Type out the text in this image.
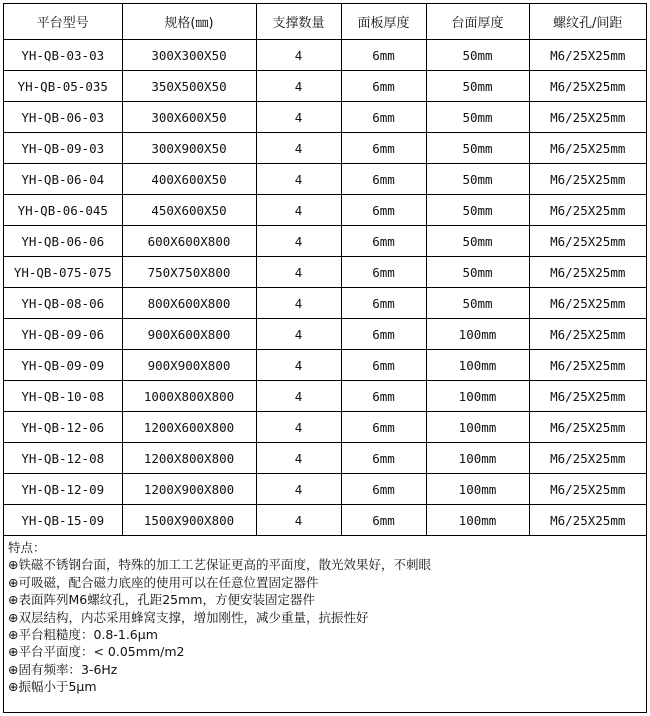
平台型号	规格(㎜)	支撑数量	面板厚度	台面厚度	螺纹孔/间距
YH-QB-03-03	300X300X50	4	6mm	50mm	M6/25X25mm
YH-QB-05-035	350X500X50	4	6mm	50mm	M6/25X25mm
YH-QB-06-03	300X600X50	4	6mm	50mm	M6/25X25mm
YH-QB-09-03	300X900X50	4	6mm	50mm	M6/25X25mm
YH-QB-06-04	400X600X50	4	6mm	50mm	M6/25X25mm
YH-QB-06-045	450X600X50	4	6mm	50mm	M6/25X25mm
YH-QB-06-06	600X600X800	4	6mm	50mm	M6/25X25mm
YH-QB-075-075	750X750X800	4	6mm	50mm	M6/25X25mm
YH-QB-08-06	800X600X800	4	6mm	50mm	M6/25X25mm
YH-QB-09-06	900X600X800	4	6mm	100mm	M6/25X25mm
YH-QB-09-09	900X900X800	4	6mm	100mm	M6/25X25mm
YH-QB-10-08	1000X800X800	4	6mm	100mm	M6/25X25mm
YH-QB-12-06	1200X600X800	4	6mm	100mm	M6/25X25mm
YH-QB-12-08	1200X800X800	4	6mm	100mm	M6/25X25mm
YH-QB-12-09	1200X900X800	4	6mm	100mm	M6/25X25mm
YH-QB-15-09	1500X900X800	4	6mm	100mm	M6/25X25mm
特点：
⊕铁磁不锈钢台面，特殊的加工工艺保证更高的平面度，散光效果好，不刺眼
⊕可吸磁，配合磁力底座的使用可以在任意位置固定器件
⊕表面阵列M6螺纹孔，孔距25mm，方便安装固定器件
⊕双层结构，内芯采用蜂窝支撑，增加刚性，减少重量，抗振性好
⊕平台粗糙度：0.8-1.6μm
⊕平台平面度：< 0.05mm/m2
⊕固有频率：3-6Hz
⊕振幅小于5μm
